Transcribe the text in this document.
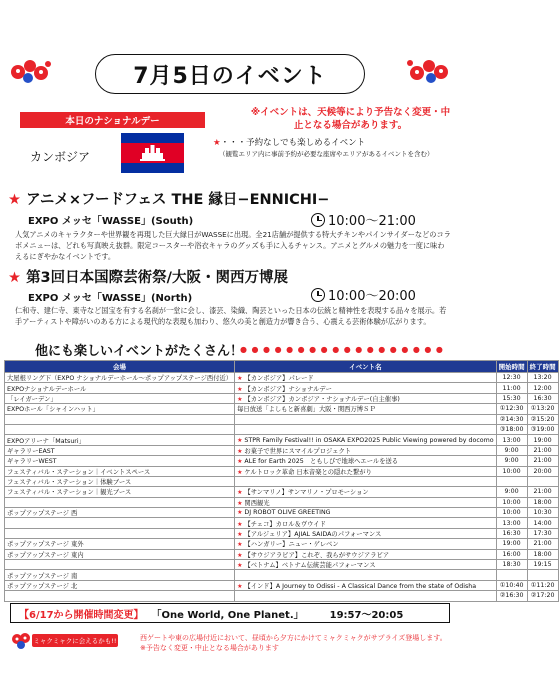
7月5日のイベント
本日のナショナルデー
※イベントは、天候等により予告なく変更・中止となる場合があります。
カンボジア
★・・・予約なしでも楽しめるイベント
（観覧エリア内に事前予約が必要な座席やエリアがあるイベントを含む）
★ アニメ×フードフェス THE 縁日−ENNICHI−
EXPO メッセ「WASSE」(South)	10:00〜21:00
人気アニメのキャラクターや世界観を再現した巨大縁日がWASSEに出現。全21店舗が提供する特大チキンやパインサイダーなどのコラボメニューは、どれも写真映え抜群。限定コースターや浴衣キャラのグッズも手に入るチャンス。アニメとグルメの魅力を一度に味わえるにぎやかなイベントです。
★ 第3回日本国際芸術祭/大阪・関西万博展
EXPO メッセ「WASSE」(North)	10:00〜20:00
仁和寺、建仁寺、東寺など国宝を有する名刹が一堂に会し、漆芸、染織、陶芸といった日本の伝統と精神性を表現する品々を展示。若手アーティストや障がいのある方による現代的な表現も加わり、悠久の美と創造力が響き合う、心震える芸術体験が広がります。
他にも楽しいイベントがたくさん！
● ● ● ● ● ● ● ● ● ● ● ● ● ● ● ● ● ●
会場	イベント名	開始時間	終了時間
大屋根リング下（EXPO ナショナルデーホール〜ポップアップステージ西付近）	★ 【カンボジア】パレード	12:30	13:20
EXPOナショナルデーホール	★ 【カンボジア】ナショナルデー	11:00	12:00
「レイガーデン」	★ 【カンボジア】カンボジア・ナショナルデー(自主催事)	15:30	16:30
EXPOホール「シャインハット」	毎日放送「よしもと新喜劇」大阪・関西万博ＳＰ	①12:30	①13:20
		②14:30	②15:20
		③18:00	③19:00
EXPOアリーナ「Matsuri」	★ STPR Family Festival!! in OSAKA EXPO2025 Public Viewing powered by docomo	13:00	19:00
ギャラリーEAST	★ お菓子で世界にスマイルプロジェクト	9:00	21:00
ギャラリーWEST	★ ALE for Earth 2025　ともしびで地球へエールを送る	9:00	21:00
フェスティバル・ステーション｜イベントスペース	★ ケルトロック革命 日本音楽との隠れた繋がり	10:00	20:00
フェスティバル・ステーション｜体験ブース			
フェスティバル・ステーション｜観光ブース	★ 【サンマリノ】サンマリノ・プロモーション	9:00	21:00
	★ 関西観光	10:00	18:00
ポップアップステージ 西	★ DJ ROBOT OLIVE GREETING	10:00	10:30
	★ 【チェコ】カロル＆ヴウイド	13:00	14:00
	★ 【アルジェリア】AJIAL SAIDAのパフォーマンス	16:30	17:30
ポップアップステージ 東外	★ 【ハンガリー】ニュー・ゲレベン	19:00	21:00
ポップアップステージ 東内	★ 【サウジアラビア】これぞ、我らがサウジアラビア	16:00	18:00
	★ 【ベトナム】ベトナム伝統芸能パフォーマンス	18:30	19:15
ポップアップステージ 南			
ポップアップステージ 北	★ 【インド】A Journey to Odissi - A Classical Dance from the state of Odisha	①10:40	①11:20
		②16:30	②17:20
【6/17から開催時間変更】 「One World, One Planet.」	19:57〜20:05
ミャクミャクに会えるかも!!	西ゲートや東の広場付近において、昼頃から夕方にかけてミャクミャクがサプライズ登場します。
※予告なく変更・中止となる場合があります
